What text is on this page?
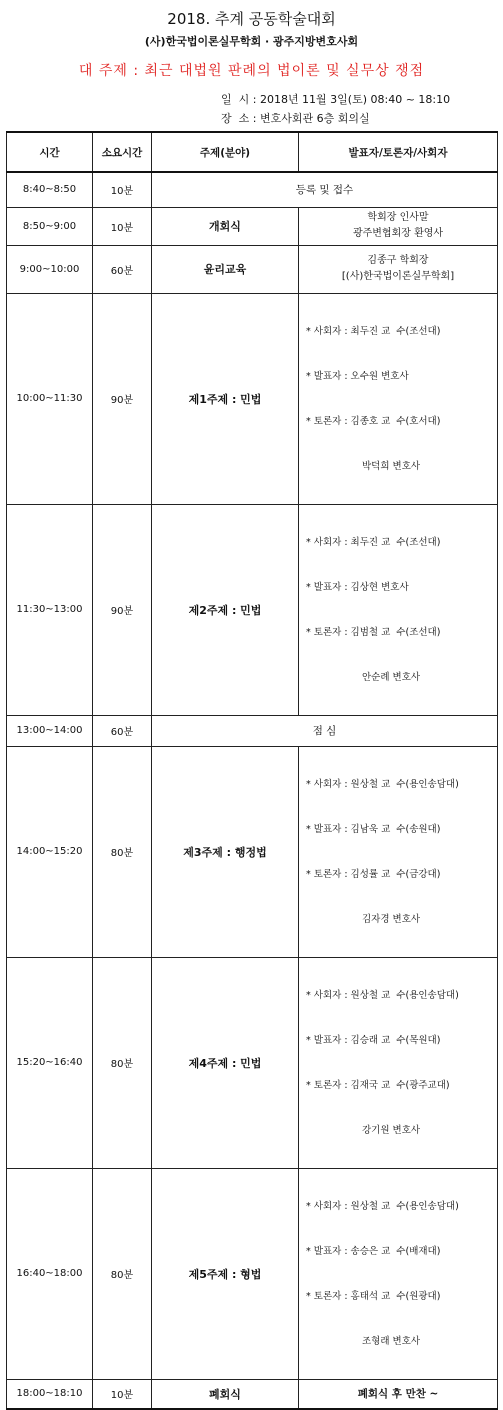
2018. 추계 공동학술대회
(사)한국법이론실무학회 · 광주지방변호사회
대 주제 : 최근 대법원 판례의 법이론 및 실무상 쟁점
일  시 : 2018년 11월 3일(토) 08:40 ~ 18:10
장  소 : 변호사회관 6층 회의실
시간	소요시간	주제(분야)	발표자/토론자/사회자
8:40~8:50	10분	등록 및 접수	
8:50~9:00	10분	개회식	학회장 인사말
광주변협회장 환영사

9:00~10:00	60분	윤리교육	김종구 학회장
[(사)한국법이론실무학회]

10:00~11:30	90분	제1주제 : 민법	* 사회자 : 최두진 교  수(조선대)

* 발표자 : 오수원 변호사

* 토론자 : 김종호 교  수(호서대)

박덕희 변호사

11:30~13:00	90분	제2주제 : 민법	* 사회자 : 최두진 교  수(조선대)

* 발표자 : 김상현 변호사

* 토론자 : 김범철 교  수(조선대)

안순례 변호사

13:00~14:00	60분	점 심	
14:00~15:20	80분	제3주제 : 행정법	* 사회자 : 원상철 교  수(용인송담대)

* 발표자 : 김남욱 교  수(송원대)

* 토론자 : 김성률 교  수(금강대)

김자경 변호사

15:20~16:40	80분	제4주제 : 민법	* 사회자 : 원상철 교  수(용인송담대)

* 발표자 : 김승래 교  수(목원대)

* 토론자 : 김재국 교  수(광주교대)

강기원 변호사

16:40~18:00	80분	제5주제 : 형법	* 사회자 : 원상철 교  수(용인송담대)

* 발표자 : 송승은 교  수(배재대)

* 토론자 : 홍태석 교  수(원광대)

조형래 변호사

18:00~18:10	10분	폐회식	폐회식 후 만찬 ~
